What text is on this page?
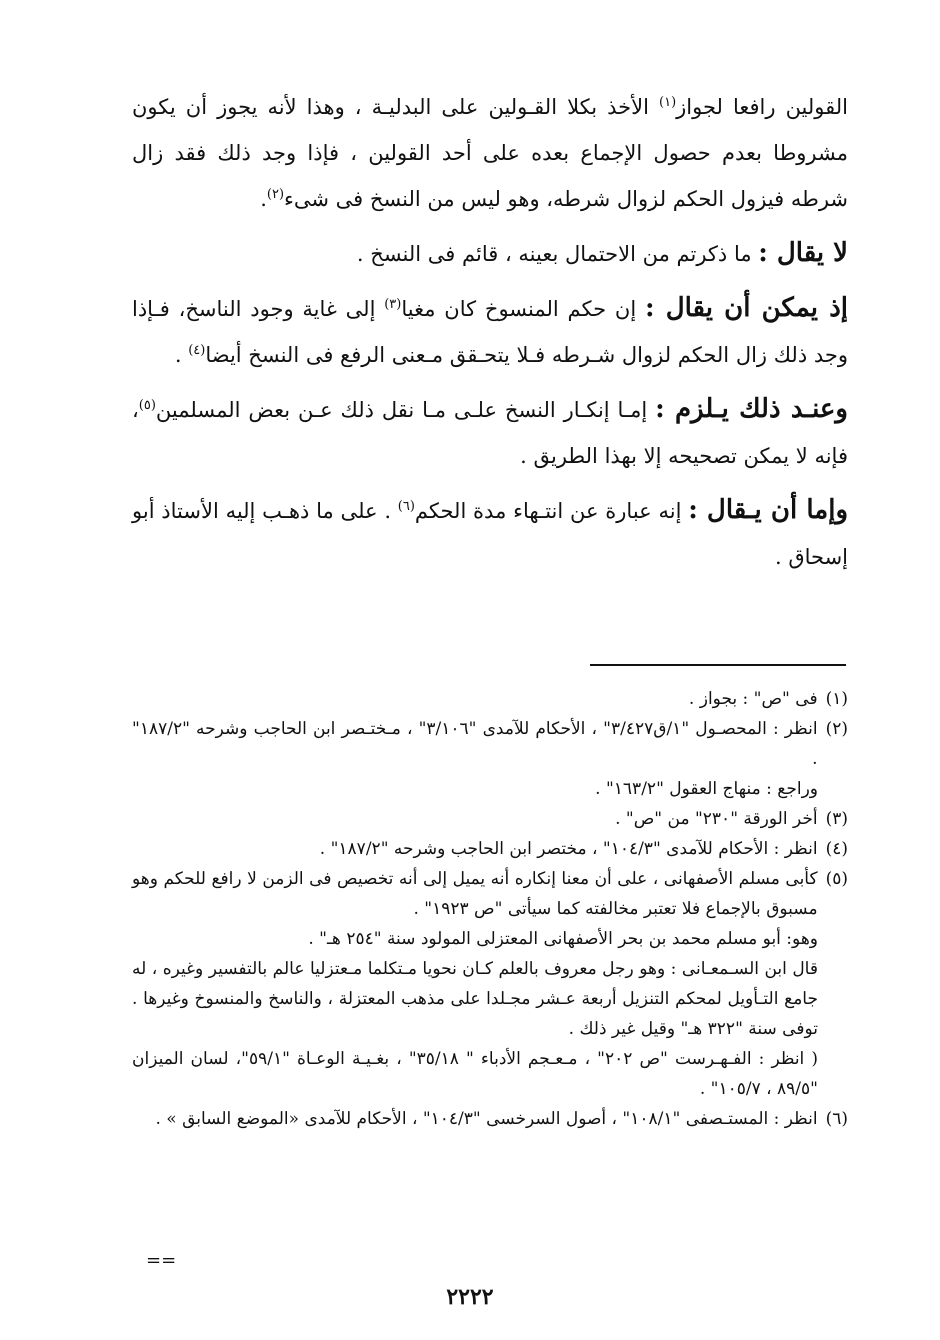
القولين رافعا لجواز$^{(١)}$ الأخذ بكلا القـولين على البدليـة ، وهذا لأنه يجوز أن يكون مشروطا بعدم حصول الإجماع بعده على أحد القولين ، فإذا وجد ذلك فقد زال شرطه فيزول الحكم لزوال شرطه، وهو ليس من النسخ فى شىء$^{(٢)}$.

لا يقال : ما ذكرتم من الاحتمال بعينه ، قائم فى النسخ .

إذ يمكن أن يقال : إن حكم المنسوخ كان مغيا$^{(٣)}$ إلى غاية وجود الناسخ، فـإذا وجد ذلك زال الحكم لزوال شـرطه فـلا يتحـقق مـعنى الرفع فى النسخ أيضا$^{(٤)}$ .

وعنـد ذلك يـلزم : إمـا إنكـار النسخ علـى مـا نقل ذلك عـن بعض المسلمين$^{(٥)}$، فإنه لا يمكن تصحيحه إلا بهذا الطريق .

وإما أن يـقال : إنه عبارة عن انتـهاء مدة الحكم$^{(٦)}$ . على ما ذهـب إليه الأستاذ أبو إسحاق .

(١)
فى "ص" : بجواز .
(٢)
انظر : المحصـول "١/ق٣/٤٢٧" ، الأحكام للآمدى "٣/١٠٦" ، مـختـصر ابن الحاجب وشرحه "١٨٧/٢" .
وراجع : منهاج العقول "١٦٣/٢" .
(٣)
أخر الورقة "٢٣٠" من "ص" .
(٤)
انظر : الأحكام للآمدى "١٠٤/٣" ، مختصر ابن الحاجب وشرحه "١٨٧/٢" .
(٥)
كأبى مسلم الأصفهانى ، على أن معنا إنكاره أنه يميل إلى أنه تخصيص فى الزمن لا رافع للحكم وهو مسبوق بالإجماع فلا تعتبر مخالفته كما سيأتى "ص ١٩٢٣" .
وهو: أبو مسلم محمد بن بحر الأصفهانى المعتزلى المولود سنة "٢٥٤ هـ" .
قال ابن السـمعـانى : وهو رجل معروف بالعلم كـان نحويا مـتكلما مـعتزليا عالم بالتفسير وغيره ، له جامع التـأويل لمحكم التنزيل أربعة عـشر مجـلدا على مذهب المعتزلة ، والناسخ والمنسوخ وغيرها . توفى سنة "٣٢٢ هـ" وقيل غير ذلك .
( انظر : الفـهـرست "ص ٢٠٢" ، مـعـجم الأدباء " ٣٥/١٨" ، بغـيـة الوعـاة "٥٩/١"، لسان الميزان "٨٩/٥ ، ١٠٥/٧" .
(٦)
انظر : المستـصفى "١٠٨/١" ، أصول السرخسى "١٠٤/٣" ، الأحكام للآمدى «الموضع السابق » .
==
٢٢٢٢
